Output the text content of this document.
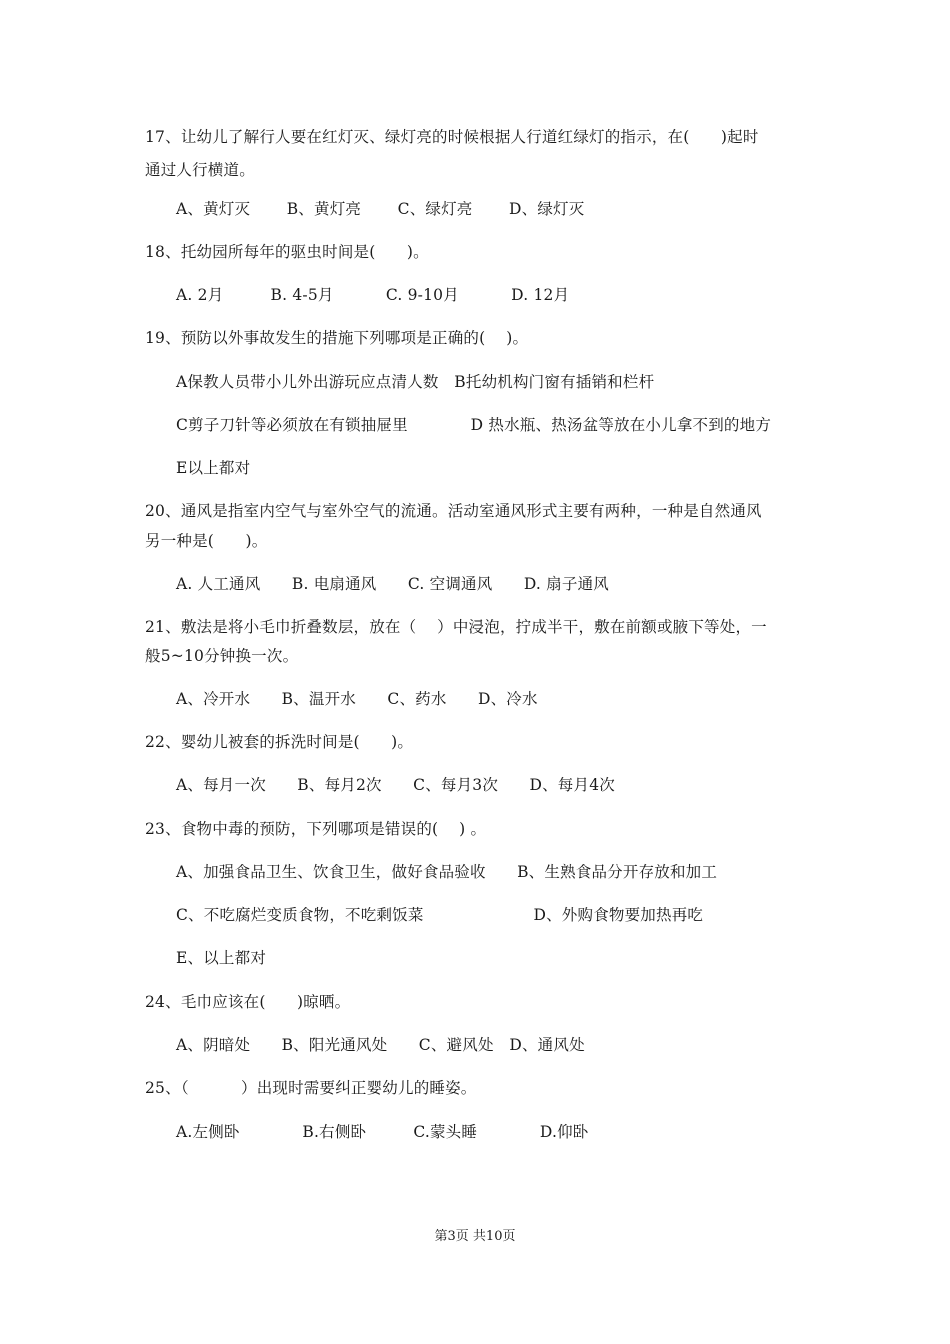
17、让幼儿了解行人要在红灯灭、绿灯亮的时候根据人行道红绿灯的指示，在(　　)起时
通过人行横道。
A、黄灯灭　　 B、黄灯亮　　 C、绿灯亮　　 D、绿灯灭
18、托幼园所每年的驱虫时间是(　　)。
A. 2月　　　B. 4-5月　　　 C. 9-10月　　　 D. 12月
19、预防以外事故发生的措施下列哪项是正确的(　 )。
A保教人员带小儿外出游玩应点清人数　B托幼机构门窗有插销和栏杆
C剪子刀针等必须放在有锁抽屉里　　　　D 热水瓶、热汤盆等放在小儿拿不到的地方
E以上都对
20、通风是指室内空气与室外空气的流通。活动室通风形式主要有两种，一种是自然通风
另一种是(　　)。
A. 人工通风　　B. 电扇通风　　C. 空调通风　　D. 扇子通风
21、敷法是将小毛巾折叠数层，放在（　 ）中浸泡，拧成半干，敷在前额或腋下等处，一
般5~10分钟换一次。
A、冷开水　　B、温开水　　C、药水　　D、冷水
22、婴幼儿被套的拆洗时间是(　　)。
A、每月一次　　B、每月2次　　C、每月3次　　D、每月4次
23、食物中毒的预防，下列哪项是错误的(　 ) 。
A、加强食品卫生、饮食卫生，做好食品验收　　B、生熟食品分开存放和加工
C、不吃腐烂变质食物，不吃剩饭菜　　　　　　　D、外购食物要加热再吃
E、以上都对
24、毛巾应该在(　　)晾晒。
A、阴暗处　　B、阳光通风处　　C、避风处　D、通风处
25、（　　　 ）出现时需要纠正婴幼儿的睡姿。
A.左侧卧　　　　B.右侧卧　　　C.蒙头睡　　　　D.仰卧
第3页 共10页
